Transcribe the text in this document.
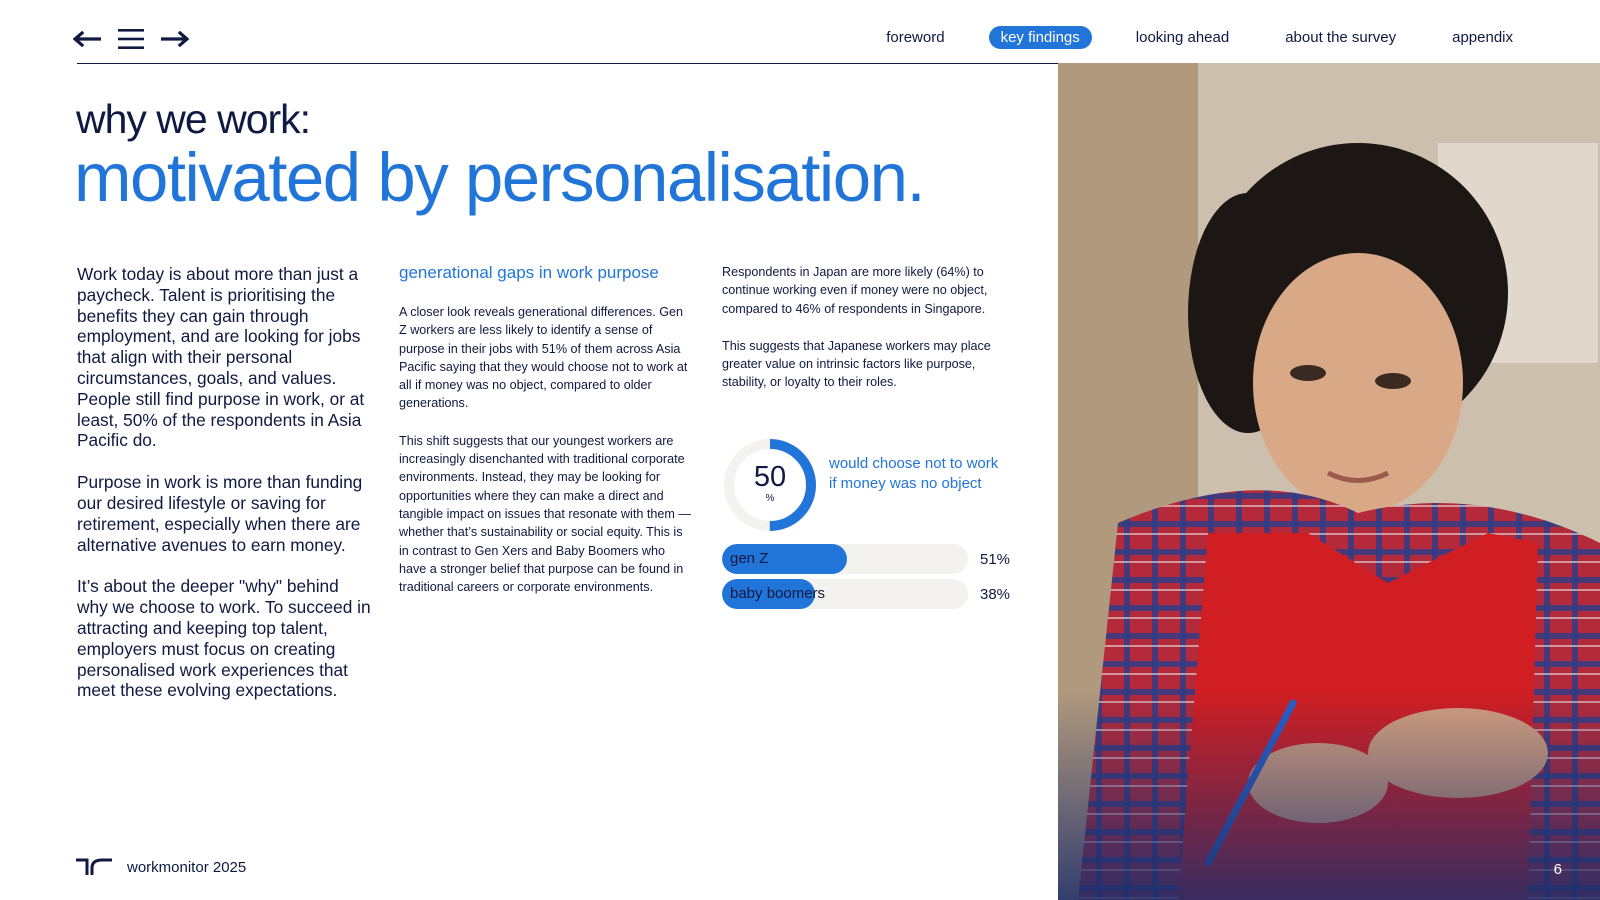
foreword	key findings	looking ahead	about the survey	appendix
why we work:
motivated by personalisation.

Work today is about more than just a paycheck. Talent is prioritising the benefits they can gain through employment, and are looking for jobs that align with their personal circumstances, goals, and values. People still find purpose in work, or at least, 50% of the respondents in Asia Pacific do.

Purpose in work is more than funding our desired lifestyle or saving for retirement, especially when there are alternative avenues to earn money.

It’s about the deeper "why" behind why we choose to work. To succeed in attracting and keeping top talent, employers must focus on creating personalised work experiences that meet these evolving expectations.

generational gaps in work purpose

A closer look reveals generational differences. Gen Z workers are less likely to identify a sense of purpose in their jobs with 51% of them across Asia Pacific saying that they would choose not to work at all if money was no object, compared to older generations.

This shift suggests that our youngest workers are increasingly disenchanted with traditional corporate environments. Instead, they may be looking for opportunities where they can make a direct and tangible impact on issues that resonate with them — whether that’s sustainability or social equity. This is in contrast to Gen Xers and Baby Boomers who have a stronger belief that purpose can be found in traditional careers or corporate environments.

Respondents in Japan are more likely (64%) to continue working even if money were no object, compared to 46% of respondents in Singapore.

This suggests that Japanese workers may place greater value on intrinsic factors like purpose, stability, or loyalty to their roles.

50
%
would choose not to work if money was no object
gen Z	51%
baby boomers	38%
workmonitor 2025	6
